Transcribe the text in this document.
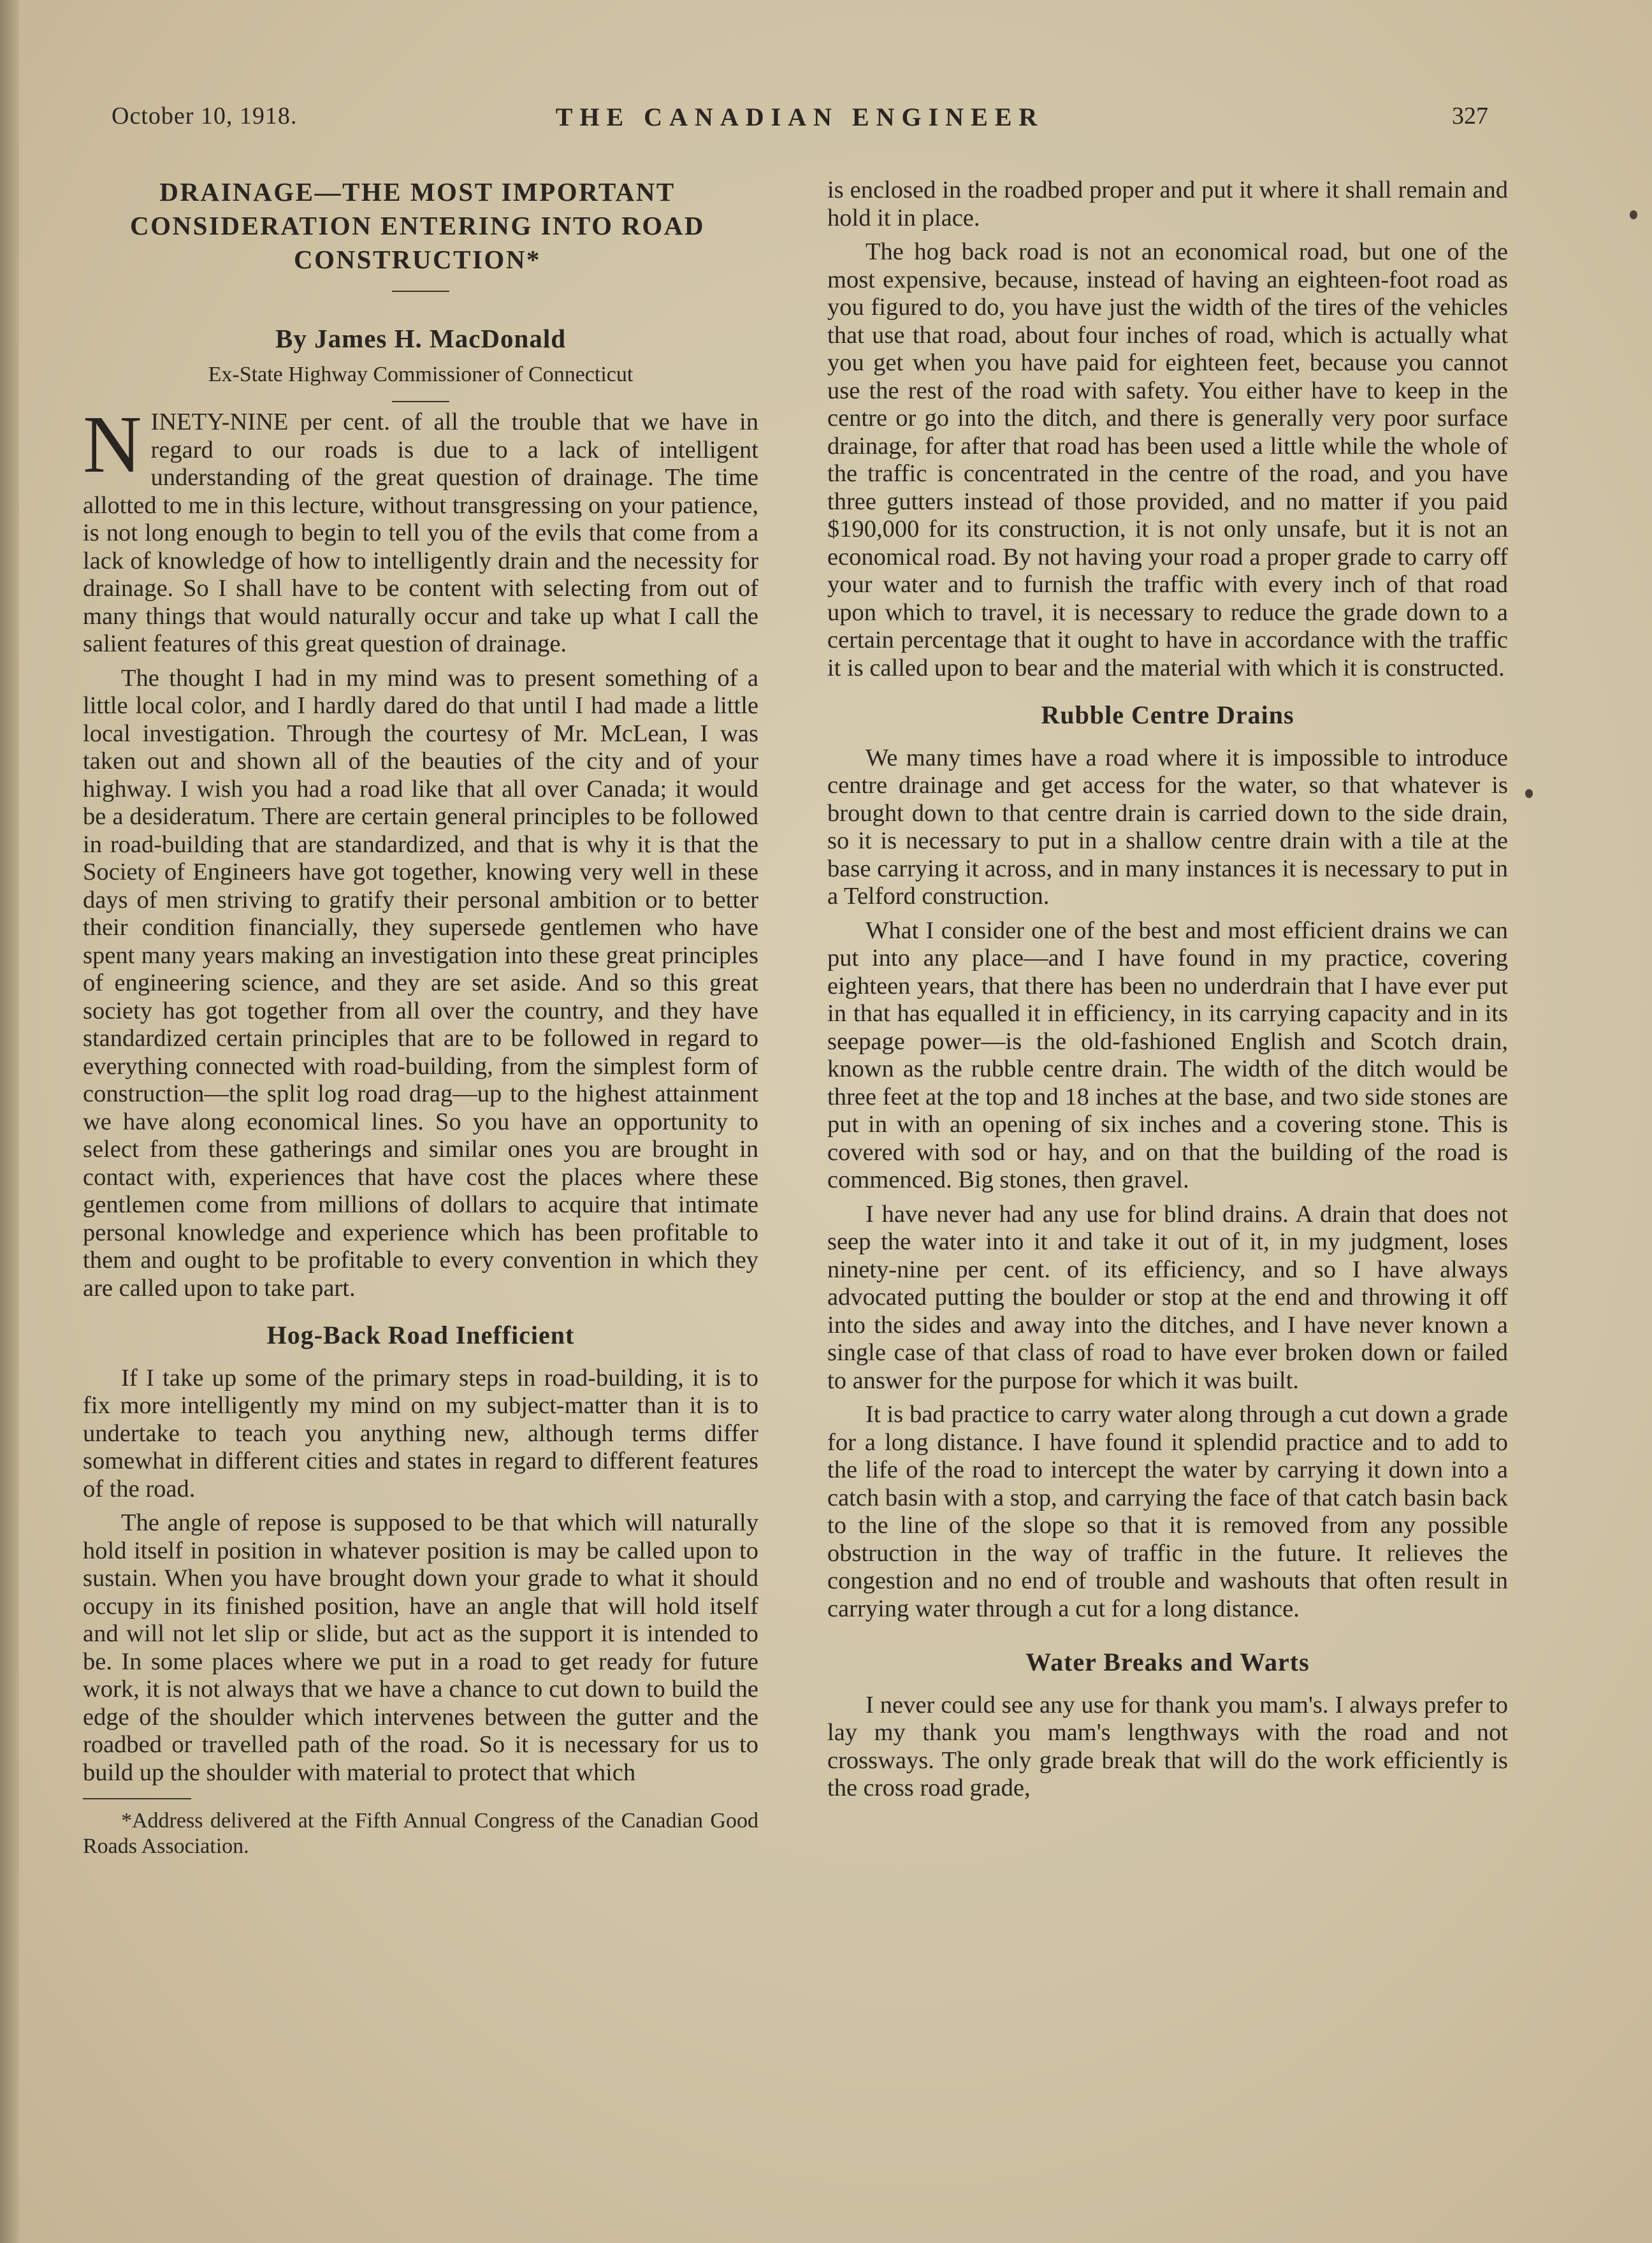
October 10, 1918.	THE CANADIAN ENGINEER	327
DRAINAGE—THE MOST IMPORTANT CONSIDERATION ENTERING INTO ROAD CONSTRUCTION*
By James H. MacDonald
Ex-State Highway Commissioner of Connecticut

NINETY-NINE per cent. of all the trouble that we have in regard to our roads is due to a lack of intelligent understanding of the great question of drainage. The time allotted to me in this lecture, without transgressing on your patience, is not long enough to begin to tell you of the evils that come from a lack of knowledge of how to intelligently drain and the necessity for drainage. So I shall have to be content with selecting from out of many things that would naturally occur and take up what I call the salient features of this great question of drainage.

The thought I had in my mind was to present something of a little local color, and I hardly dared do that until I had made a little local investigation. Through the courtesy of Mr. McLean, I was taken out and shown all of the beauties of the city and of your highway. I wish you had a road like that all over Canada; it would be a desideratum. There are certain general principles to be followed in road-building that are standardized, and that is why it is that the Society of Engineers have got together, knowing very well in these days of men striving to gratify their personal ambition or to better their condition financially, they supersede gentlemen who have spent many years making an investigation into these great principles of engineering science, and they are set aside. And so this great society has got together from all over the country, and they have standardized certain principles that are to be followed in regard to everything connected with road-building, from the simplest form of construction—the split log road drag—up to the highest attainment we have along economical lines. So you have an opportunity to select from these gatherings and similar ones you are brought in contact with, experiences that have cost the places where these gentlemen come from millions of dollars to acquire that intimate personal knowledge and experience which has been profitable to them and ought to be profitable to every convention in which they are called upon to take part.

Hog-Back Road Inefficient

If I take up some of the primary steps in road-building, it is to fix more intelligently my mind on my subject-matter than it is to undertake to teach you anything new, although terms differ somewhat in different cities and states in regard to different features of the road.

The angle of repose is supposed to be that which will naturally hold itself in position in whatever position is may be called upon to sustain. When you have brought down your grade to what it should occupy in its finished position, have an angle that will hold itself and will not let slip or slide, but act as the support it is intended to be. In some places where we put in a road to get ready for future work, it is not always that we have a chance to cut down to build the edge of the shoulder which intervenes between the gutter and the roadbed or travelled path of the road. So it is necessary for us to build up the shoulder with material to protect that which

*Address delivered at the Fifth Annual Congress of the Canadian Good Roads Association.

is enclosed in the roadbed proper and put it where it shall remain and hold it in place.

The hog back road is not an economical road, but one of the most expensive, because, instead of having an eighteen-foot road as you figured to do, you have just the width of the tires of the vehicles that use that road, about four inches of road, which is actually what you get when you have paid for eighteen feet, because you cannot use the rest of the road with safety. You either have to keep in the centre or go into the ditch, and there is generally very poor surface drainage, for after that road has been used a little while the whole of the traffic is concentrated in the centre of the road, and you have three gutters instead of those provided, and no matter if you paid $190,000 for its construction, it is not only unsafe, but it is not an economical road. By not having your road a proper grade to carry off your water and to furnish the traffic with every inch of that road upon which to travel, it is necessary to reduce the grade down to a certain percentage that it ought to have in accordance with the traffic it is called upon to bear and the material with which it is constructed.

Rubble Centre Drains

We many times have a road where it is impossible to introduce centre drainage and get access for the water, so that whatever is brought down to that centre drain is carried down to the side drain, so it is necessary to put in a shallow centre drain with a tile at the base carrying it across, and in many instances it is necessary to put in a Telford construction.

What I consider one of the best and most efficient drains we can put into any place—and I have found in my practice, covering eighteen years, that there has been no underdrain that I have ever put in that has equalled it in efficiency, in its carrying capacity and in its seepage power—is the old-fashioned English and Scotch drain, known as the rubble centre drain. The width of the ditch would be three feet at the top and 18 inches at the base, and two side stones are put in with an opening of six inches and a covering stone. This is covered with sod or hay, and on that the building of the road is commenced. Big stones, then gravel.

I have never had any use for blind drains. A drain that does not seep the water into it and take it out of it, in my judgment, loses ninety-nine per cent. of its efficiency, and so I have always advocated putting the boulder or stop at the end and throwing it off into the sides and away into the ditches, and I have never known a single case of that class of road to have ever broken down or failed to answer for the purpose for which it was built.

It is bad practice to carry water along through a cut down a grade for a long distance. I have found it splendid practice and to add to the life of the road to intercept the water by carrying it down into a catch basin with a stop, and carrying the face of that catch basin back to the line of the slope so that it is removed from any possible obstruction in the way of traffic in the future. It relieves the congestion and no end of trouble and washouts that often result in carrying water through a cut for a long distance.

Water Breaks and Warts

I never could see any use for thank you mam's. I always prefer to lay my thank you mam's lengthways with the road and not crossways. The only grade break that will do the work efficiently is the cross road grade,
